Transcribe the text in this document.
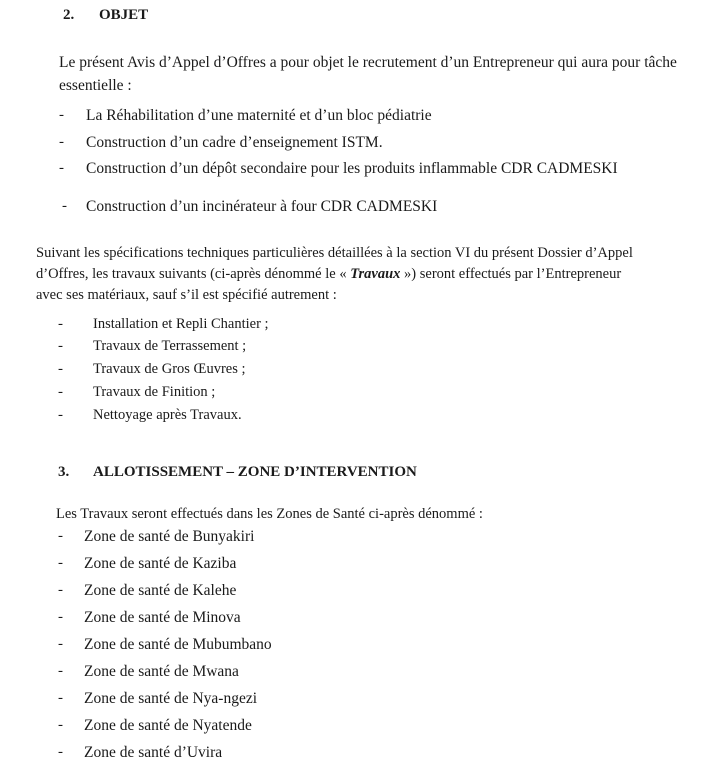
2. OBJET
Le présent Avis d’Appel d’Offres a pour objet le recrutement d’un Entrepreneur qui aura pour tâche
essentielle :
- La Réhabilitation d’une maternité et d’un bloc pédiatrie
- Construction d’un cadre d’enseignement ISTM.
- Construction d’un dépôt secondaire pour les produits inflammable CDR CADMESKI
- Construction d’un incinérateur à four CDR CADMESKI
Suivant les spécifications techniques particulières détaillées à la section VI du présent Dossier d’Appel
d’Offres, les travaux suivants (ci-après dénommé le « Travaux ») seront effectués par l’Entrepreneur
avec ses matériaux, sauf s’il est spécifié autrement :
- Installation et Repli Chantier ;
- Travaux de Terrassement ;
- Travaux de Gros Œuvres ;
- Travaux de Finition ;
- Nettoyage après Travaux.
3. ALLOTISSEMENT – ZONE D’INTERVENTION
Les Travaux seront effectués dans les Zones de Santé ci-après dénommé :
- Zone de santé de Bunyakiri
- Zone de santé de Kaziba
- Zone de santé de Kalehe
- Zone de santé de Minova
- Zone de santé de Mubumbano
- Zone de santé de Mwana
- Zone de santé de Nya-ngezi
- Zone de santé de Nyatende
- Zone de santé d’Uvira
